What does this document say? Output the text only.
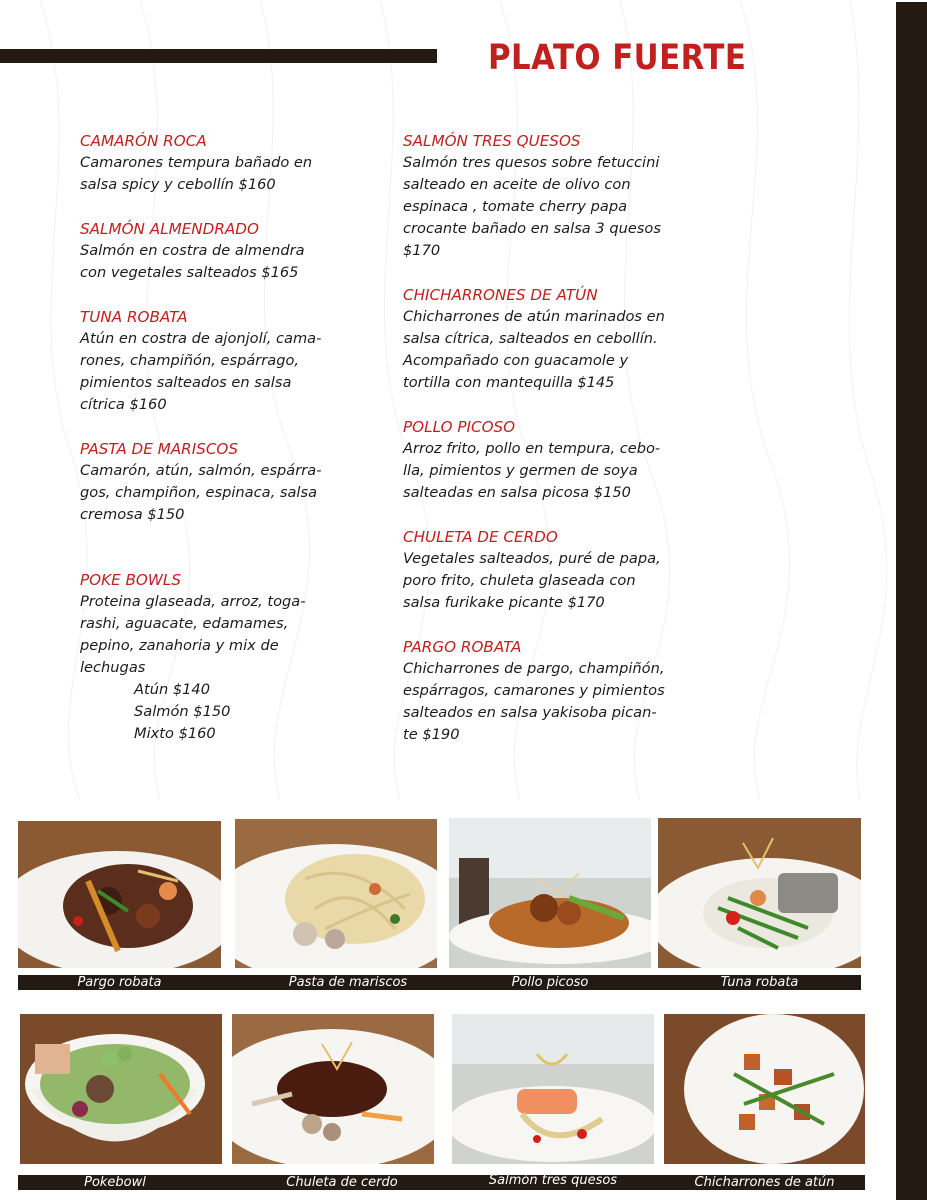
PLATO FUERTE
CAMARÓN ROCA
Camarones tempura bañado en
salsa spicy y cebollín $160
SALMÓN ALMENDRADO
Salmón en costra de almendra
con vegetales salteados $165
TUNA ROBATA
Atún en costra de ajonjolí, cama-
rones, champiñón, espárrago,
pimientos salteados en salsa
cítrica $160
PASTA DE MARISCOS
Camarón, atún, salmón, espárra-
gos, champiñon, espinaca, salsa
cremosa $150
POKE BOWLS
Proteina glaseada, arroz, toga-
rashi, aguacate, edamames,
pepino, zanahoria y mix de
lechugas
Atún $140
Salmón $150
Mixto $160
SALMÓN TRES QUESOS
Salmón tres quesos sobre fetuccini
salteado en aceite de olivo con
espinaca , tomate cherry papa
crocante bañado en salsa 3 quesos
$170
CHICHARRONES DE ATÚN
Chicharrones de atún marinados en
salsa cítrica, salteados en cebollín.
Acompañado con guacamole y
tortilla con mantequilla $145
POLLO PICOSO
Arroz frito, pollo en tempura, cebo-
lla, pimientos y germen de soya
salteadas en salsa picosa $150
CHULETA DE CERDO
Vegetales salteados, puré de papa,
poro frito, chuleta glaseada con
salsa furikake picante $170
PARGO ROBATA
Chicharrones de pargo, champiñón,
espárragos, camarones y pimientos
salteados en salsa yakisoba pican-
te $190
Pargo robata	Pasta de mariscos	Pollo picoso	Tuna robata
Pokebowl	Chuleta de cerdo	Salmón tres quesos	Chicharrones de atún
